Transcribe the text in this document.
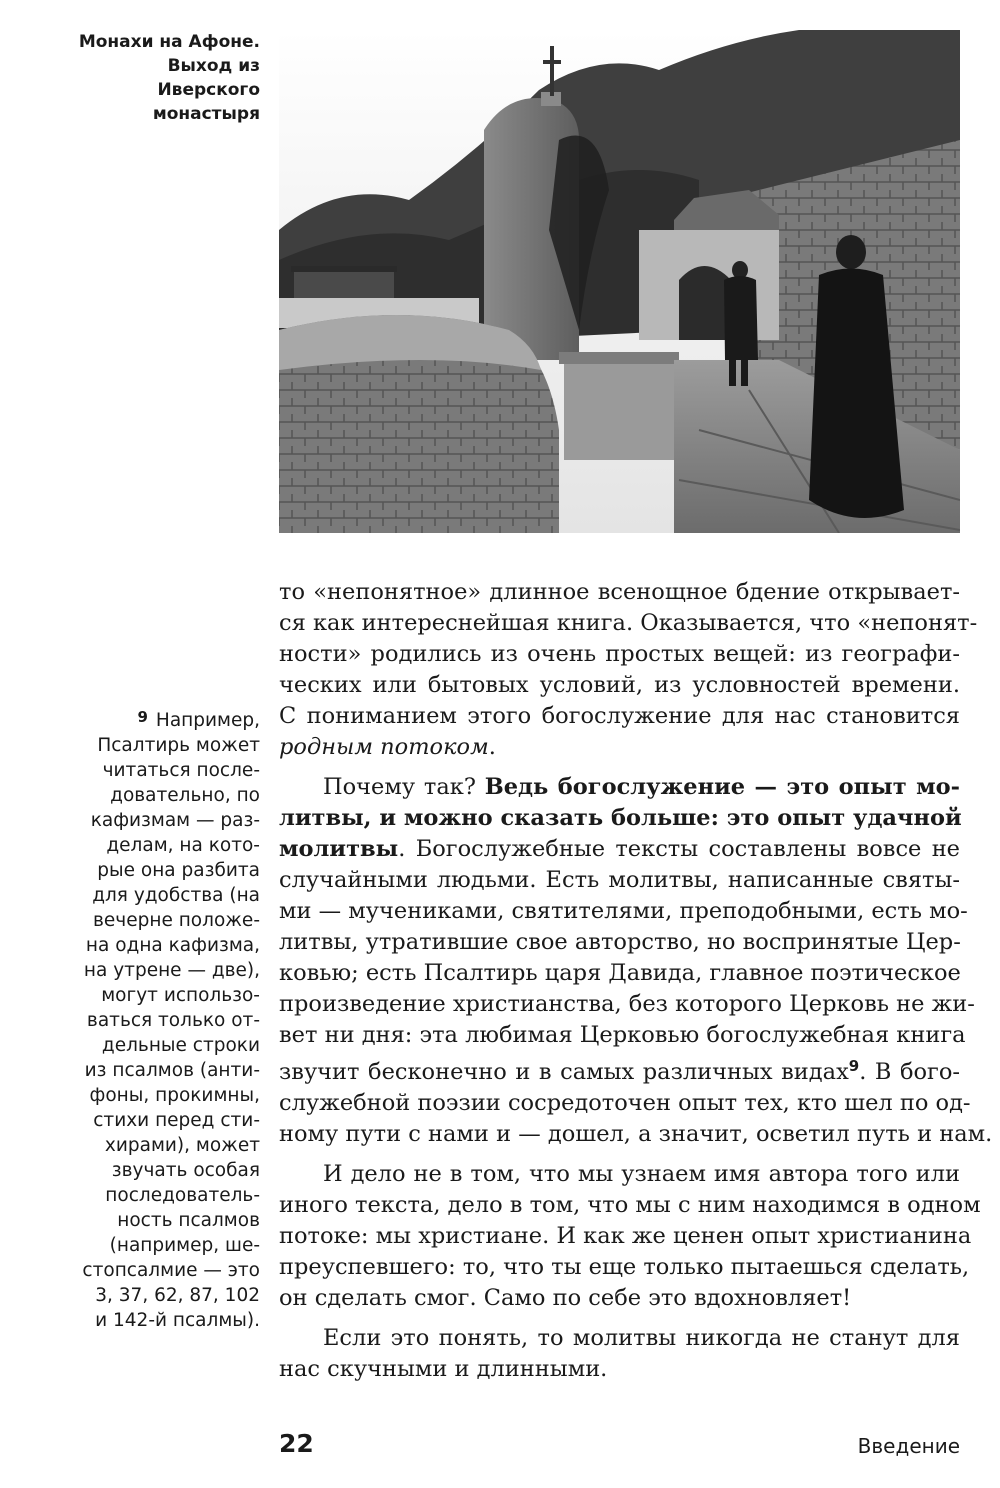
Монахи на Афоне.
Выход из Иверского
монастыря
$^9$ Например,
Псалтирь может
читаться после-
довательно, по
кафизмам — раз-
делам, на кото-
рые она разбита
для удобства (на
вечерне положе-
на одна кафизма,
на утрене — две),
могут использо-
ваться только от-
дельные строки
из псалмов (анти-
фоны, прокимны,
стихи перед сти-
хирами), может
звучать особая
последователь-
ность псалмов
(например, ше-
стопсалмие — это
3, 37, 62, 87, 102
и 142-й псалмы).
то «непонятное» длинное всенощное бдение открывает-
ся как интереснейшая книга. Оказывается, что «непонят-
ности» родились из очень простых вещей: из географи-
ческих или бытовых условий, из условностей времени.
С пониманием этого богослужение для нас становится
родным потоком.
Почему так? Ведь богослужение — это опыт мо-
литвы, и можно сказать больше: это опыт удачной
молитвы. Богослужебные тексты составлены вовсе не
случайными людьми. Есть молитвы, написанные святы-
ми — мучениками, святителями, преподобными, есть мо-
литвы, утратившие свое авторство, но воспринятые Цер-
ковью; есть Псалтирь царя Давида, главное поэтическое
произведение христианства, без которого Церковь не жи-
вет ни дня: эта любимая Церковью богослужебная книга
звучит бесконечно и в самых различных видах$^9$. В бого-
служебной поэзии сосредоточен опыт тех, кто шел по од-
ному пути с нами и — дошел, а значит, осветил путь и нам.
И дело не в том, что мы узнаем имя автора того или
иного текста, дело в том, что мы с ним находимся в одном
потоке: мы христиане. И как же ценен опыт христианина
преуспевшего: то, что ты еще только пытаешься сделать,
он сделать смог. Само по себе это вдохновляет!
Если это понять, то молитвы никогда не станут для
нас скучными и длинными.
22	Введение
